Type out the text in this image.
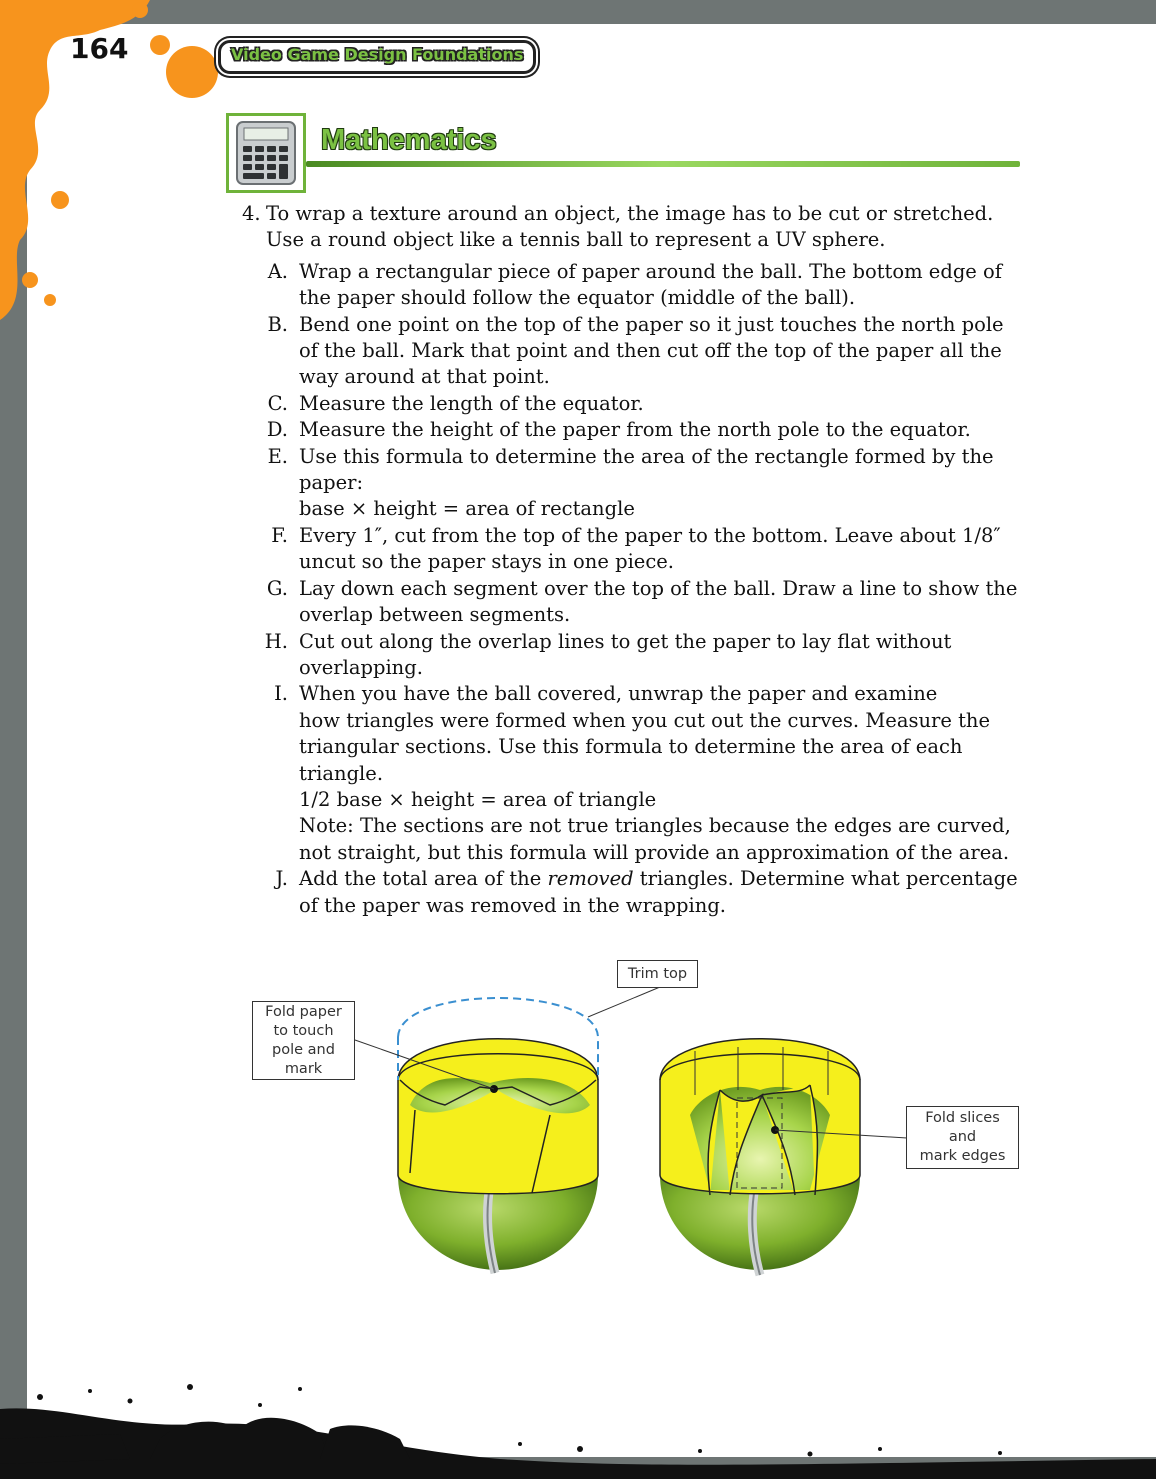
164	Video Game Design Foundations
Mathematics
4. To wrap a texture around an object, the image has to be cut or stretched.
Use a round object like a tennis ball to represent a UV sphere.
A. Wrap a rectangular piece of paper around the ball. The bottom edge of
the paper should follow the equator (middle of the ball).
B. Bend one point on the top of the paper so it just touches the north pole
of the ball. Mark that point and then cut off the top of the paper all the
way around at that point.
C. Measure the length of the equator.
D. Measure the height of the paper from the north pole to the equator.
E. Use this formula to determine the area of the rectangle formed by the
paper:
base × height = area of rectangle
F. Every 1″, cut from the top of the paper to the bottom. Leave about 1/8″
uncut so the paper stays in one piece.
G. Lay down each segment over the top of the ball. Draw a line to show the
overlap between segments.
H. Cut out along the overlap lines to get the paper to lay flat without
overlapping.
I. When you have the ball covered, unwrap the paper and examine
how triangles were formed when you cut out the curves. Measure the
triangular sections. Use this formula to determine the area of each
triangle.
1/2 base × height = area of triangle
Note: The sections are not true triangles because the edges are curved,
not straight, but this formula will provide an approximation of the area.
J. Add the total area of the removed triangles. Determine what percentage
of the paper was removed in the wrapping.
Trim top
Fold paper
to touch
pole and
mark
Fold slices
and
mark edges
